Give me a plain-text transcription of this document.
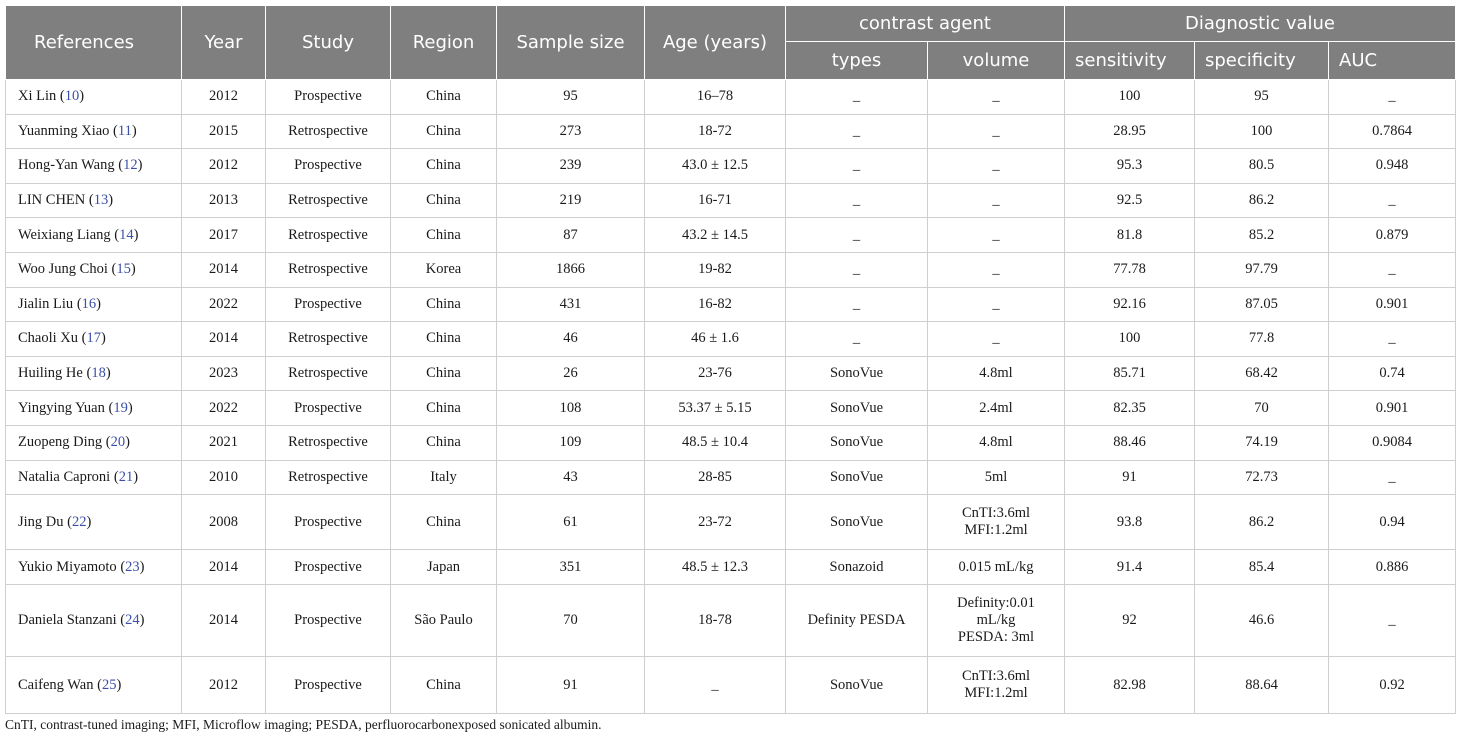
References	Year	Study	Region	Sample size	Age (years)	contrast agent		Diagnostic value		
						types	volume	sensitivity	specificity	AUC
Xi Lin (10)	2012	Prospective	China	95	16–78	_	_	100	95	_
Yuanming Xiao (11)	2015	Retrospective	China	273	18-72	_	_	28.95	100	0.7864
Hong-Yan Wang (12)	2012	Prospective	China	239	43.0 ± 12.5	_	_	95.3	80.5	0.948
LIN CHEN (13)	2013	Retrospective	China	219	16-71	_	_	92.5	86.2	_
Weixiang Liang (14)	2017	Retrospective	China	87	43.2 ± 14.5	_	_	81.8	85.2	0.879
Woo Jung Choi (15)	2014	Retrospective	Korea	1866	19-82	_	_	77.78	97.79	_
Jialin Liu (16)	2022	Prospective	China	431	16-82	_	_	92.16	87.05	0.901
Chaoli Xu (17)	2014	Retrospective	China	46	46 ± 1.6	_	_	100	77.8	_
Huiling He (18)	2023	Retrospective	China	26	23-76	SonoVue	4.8ml	85.71	68.42	0.74
Yingying Yuan (19)	2022	Prospective	China	108	53.37 ± 5.15	SonoVue	2.4ml	82.35	70	0.901
Zuopeng Ding (20)	2021	Retrospective	China	109	48.5 ± 10.4	SonoVue	4.8ml	88.46	74.19	0.9084
Natalia Caproni (21)	2010	Retrospective	Italy	43	28-85	SonoVue	5ml	91	72.73	_
Jing Du (22)	2008	Prospective	China	61	23-72	SonoVue	CnTI:3.6ml
MFI:1.2ml	93.8	86.2	0.94
Yukio Miyamoto (23)	2014	Prospective	Japan	351	48.5 ± 12.3	Sonazoid	0.015 mL/kg	91.4	85.4	0.886
Daniela Stanzani (24)	2014	Prospective	São Paulo	70	18-78	Definity PESDA	Definity:0.01
mL/kg
PESDA: 3ml	92	46.6	_
Caifeng Wan (25)	2012	Prospective	China	91	_	SonoVue	CnTI:3.6ml
MFI:1.2ml	82.98	88.64	0.92
CnTI, contrast-tuned imaging; MFI, Microflow imaging; PESDA, perfluorocarbonexposed sonicated albumin.
